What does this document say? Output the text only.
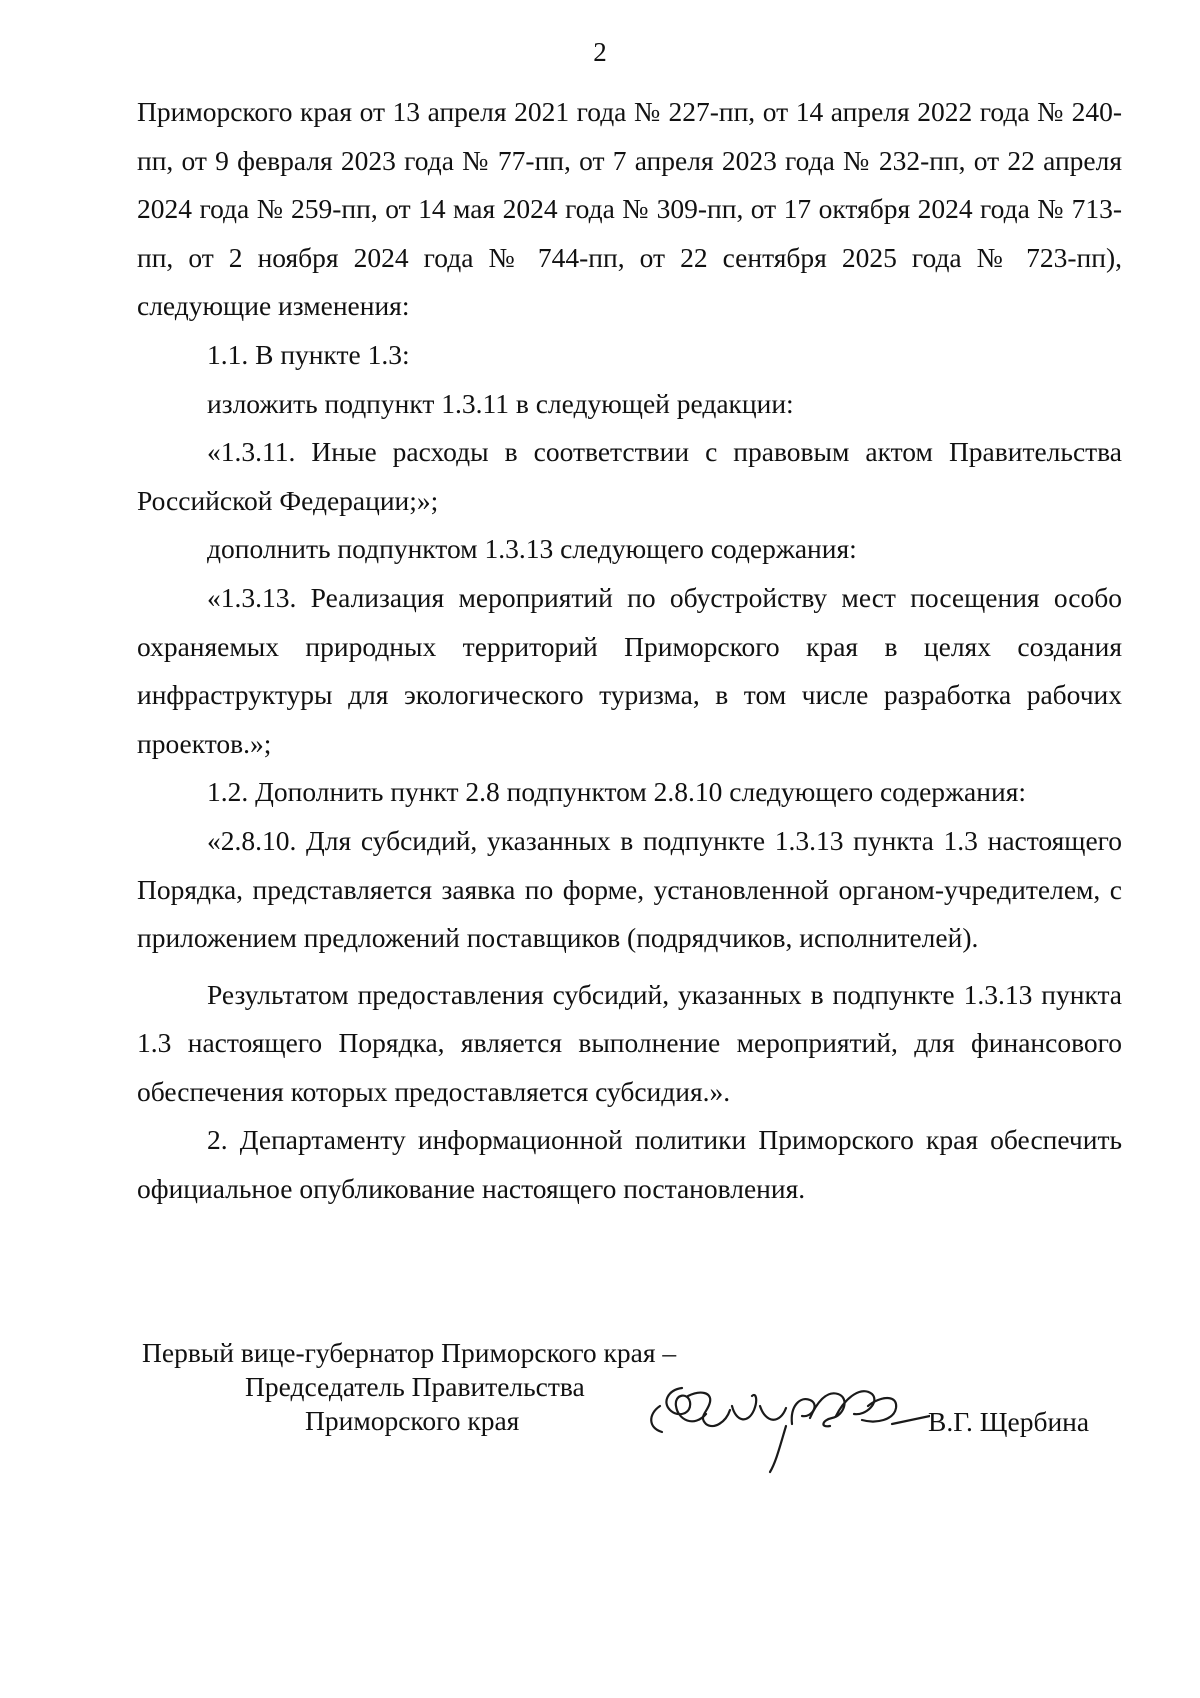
2

Приморского края от 13 апреля 2021 года № 227-пп, от 14 апреля 2022 года № 240-пп, от 9 февраля 2023 года № 77-пп, от 7 апреля 2023 года № 232-пп, от 22 апреля 2024 года № 259-пп, от 14 мая 2024 года № 309-пп, от 17 октября 2024 года № 713-пп, от 2 ноября 2024 года № 744-пп, от 22 сентября 2025 года № 723-пп), следующие изменения:

1.1. В пункте 1.3:

изложить подпункт 1.3.11 в следующей редакции:

«1.3.11. Иные расходы в соответствии с правовым актом Правительства Российской Федерации;»;

дополнить подпунктом 1.3.13 следующего содержания:

«1.3.13. Реализация мероприятий по обустройству мест посещения особо охраняемых природных территорий Приморского края в целях создания инфраструктуры для экологического туризма, в том числе разработка рабочих проектов.»;

1.2. Дополнить пункт 2.8 подпунктом 2.8.10 следующего содержания:

«2.8.10. Для субсидий, указанных в подпункте 1.3.13 пункта 1.3 настоящего Порядка, представляется заявка по форме, установленной органом-учредителем, с приложением предложений поставщиков (подрядчиков, исполнителей).

Результатом предоставления субсидий, указанных в подпункте 1.3.13 пункта 1.3 настоящего Порядка, является выполнение мероприятий, для финансового обеспечения которых предоставляется субсидия.».

2. Департаменту информационной политики Приморского края обеспечить официальное опубликование настоящего постановления.

Первый вице-губернатор Приморского края –
Председатель Правительства
Приморского края	В.Г. Щербина
